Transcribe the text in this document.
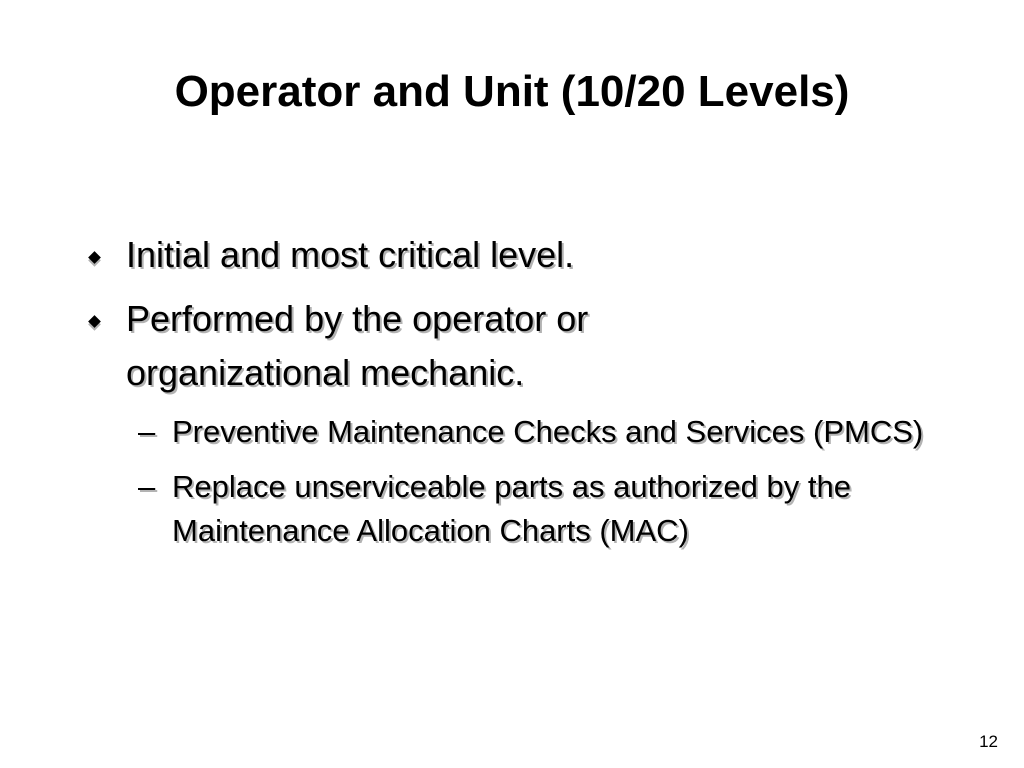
Operator and Unit (10/20 Levels)
Initial and most critical level.
Performed by the operator or organizational mechanic.
– Preventive Maintenance Checks and Services (PMCS)
– Replace unserviceable parts as authorized by the Maintenance Allocation Charts (MAC)
12
